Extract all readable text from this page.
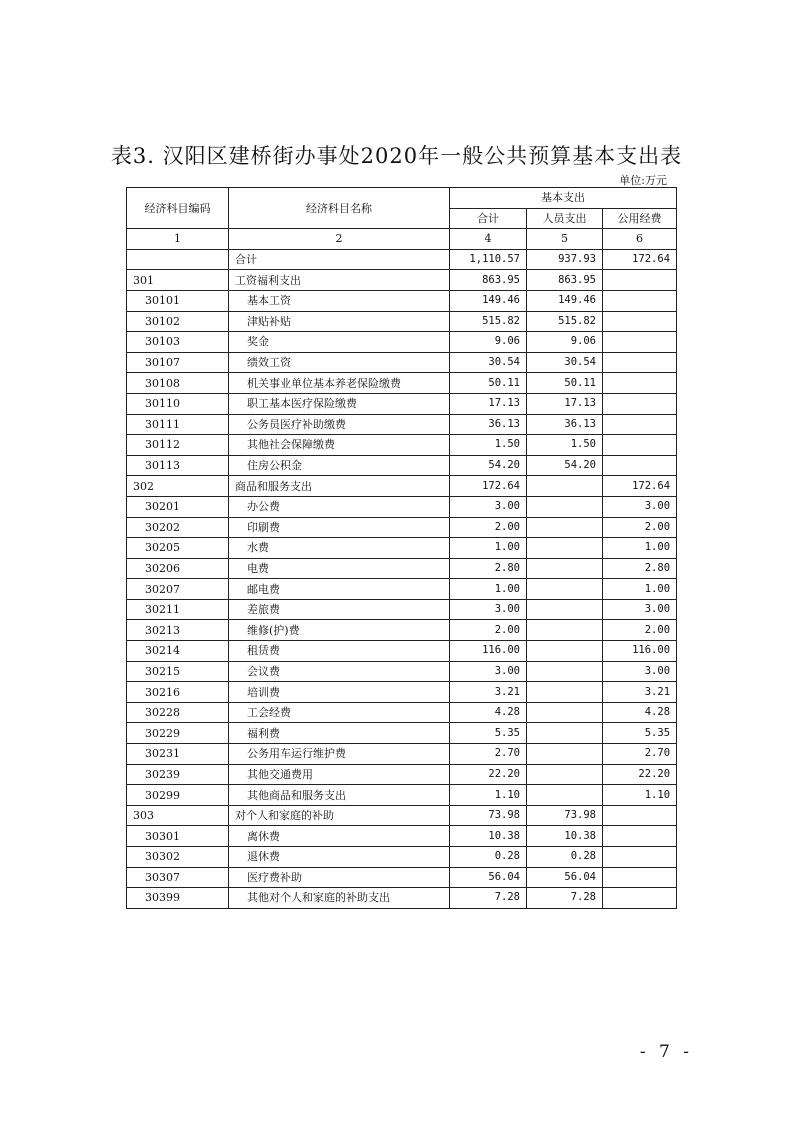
表3. 汉阳区建桥街办事处2020年一般公共预算基本支出表
单位:万元
经济科目编码	经济科目名称	基本支出		
		合计	人员支出	公用经费
1	2	4	5	6
	合计	1,110.57	937.93	172.64
301	工资福利支出	863.95	863.95	
30101	基本工资	149.46	149.46	
30102	津贴补贴	515.82	515.82	
30103	奖金	9.06	9.06	
30107	绩效工资	30.54	30.54	
30108	机关事业单位基本养老保险缴费	50.11	50.11	
30110	职工基本医疗保险缴费	17.13	17.13	
30111	公务员医疗补助缴费	36.13	36.13	
30112	其他社会保障缴费	1.50	1.50	
30113	住房公积金	54.20	54.20	
302	商品和服务支出	172.64		172.64
30201	办公费	3.00		3.00
30202	印刷费	2.00		2.00
30205	水费	1.00		1.00
30206	电费	2.80		2.80
30207	邮电费	1.00		1.00
30211	差旅费	3.00		3.00
30213	维修(护)费	2.00		2.00
30214	租赁费	116.00		116.00
30215	会议费	3.00		3.00
30216	培训费	3.21		3.21
30228	工会经费	4.28		4.28
30229	福利费	5.35		5.35
30231	公务用车运行维护费	2.70		2.70
30239	其他交通费用	22.20		22.20
30299	其他商品和服务支出	1.10		1.10
303	对个人和家庭的补助	73.98	73.98	
30301	离休费	10.38	10.38	
30302	退休费	0.28	0.28	
30307	医疗费补助	56.04	56.04	
30399	其他对个人和家庭的补助支出	7.28	7.28	
- 7 -
